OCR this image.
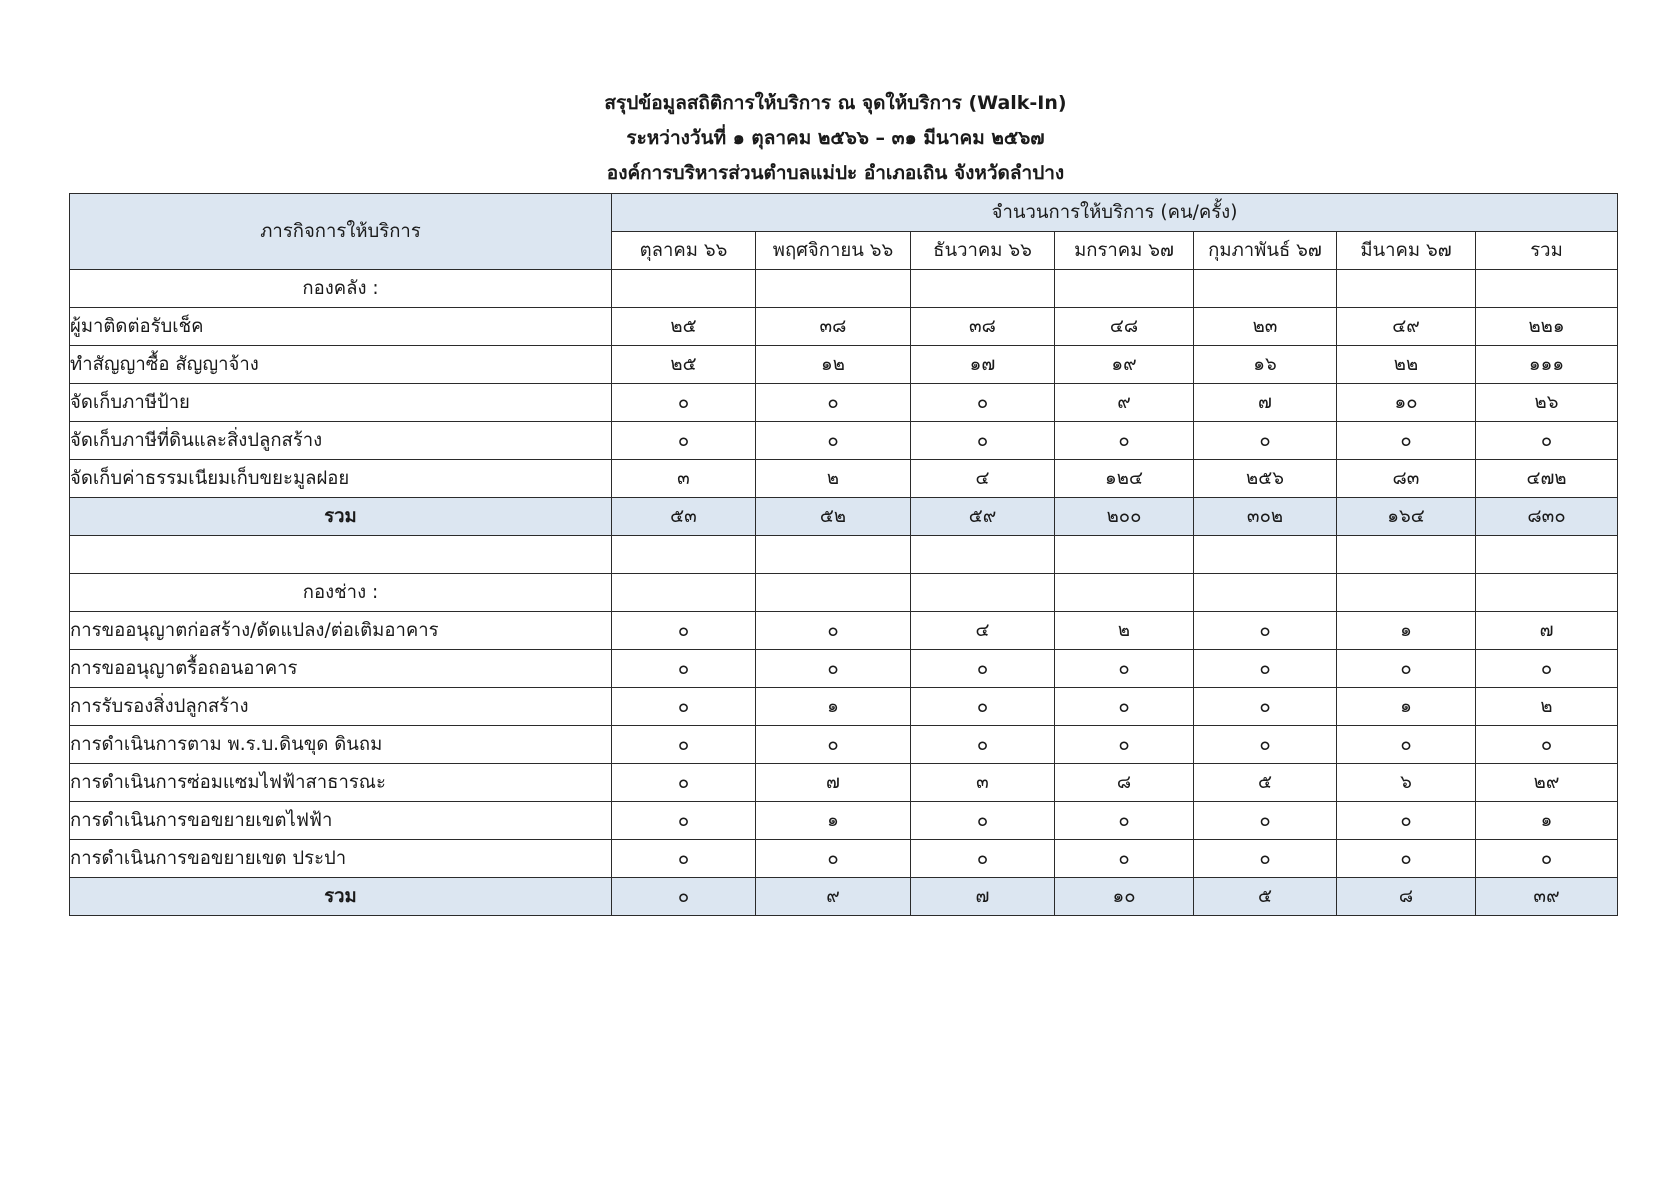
สรุปข้อมูลสถิติการให้บริการ ณ จุดให้บริการ (Walk-In)
ระหว่างวันที่ ๑ ตุลาคม ๒๕๖๖ – ๓๑ มีนาคม ๒๕๖๗
องค์การบริหารส่วนตำบลแม่ปะ อำเภอเถิน จังหวัดลำปาง
ภารกิจการให้บริการ	จำนวนการให้บริการ (คน/ครั้ง)						
	ตุลาคม ๖๖	พฤศจิกายน ๖๖	ธันวาคม ๖๖	มกราคม ๖๗	กุมภาพันธ์ ๖๗	มีนาคม ๖๗	รวม
กองคลัง :							
ผู้มาติดต่อรับเช็ค	๒๕	๓๘	๓๘	๔๘	๒๓	๔๙	๒๒๑
ทำสัญญาซื้อ สัญญาจ้าง	๒๕	๑๒	๑๗	๑๙	๑๖	๒๒	๑๑๑
จัดเก็บภาษีป้าย	๐	๐	๐	๙	๗	๑๐	๒๖
จัดเก็บภาษีที่ดินและสิ่งปลูกสร้าง	๐	๐	๐	๐	๐	๐	๐
จัดเก็บค่าธรรมเนียมเก็บขยะมูลฝอย	๓	๒	๔	๑๒๔	๒๕๖	๘๓	๔๗๒
รวม	๕๓	๕๒	๕๙	๒๐๐	๓๐๒	๑๖๔	๘๓๐

กองช่าง :							
การขออนุญาตก่อสร้าง/ดัดแปลง/ต่อเติมอาคาร	๐	๐	๔	๒	๐	๑	๗
การขออนุญาตรื้อถอนอาคาร	๐	๐	๐	๐	๐	๐	๐
การรับรองสิ่งปลูกสร้าง	๐	๑	๐	๐	๐	๑	๒
การดำเนินการตาม พ.ร.บ.ดินขุด ดินถม	๐	๐	๐	๐	๐	๐	๐
การดำเนินการซ่อมแซมไฟฟ้าสาธารณะ	๐	๗	๓	๘	๕	๖	๒๙
การดำเนินการขอขยายเขตไฟฟ้า	๐	๑	๐	๐	๐	๐	๑
การดำเนินการขอขยายเขต ประปา	๐	๐	๐	๐	๐	๐	๐
รวม	๐	๙	๗	๑๐	๕	๘	๓๙
